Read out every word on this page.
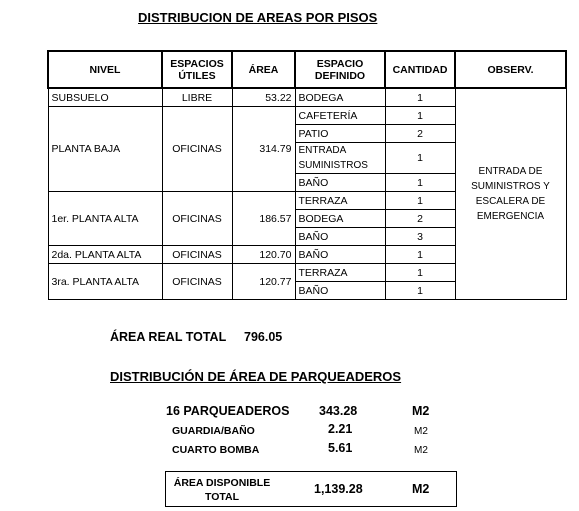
DISTRIBUCION DE AREAS POR PISOS
NIVEL	ESPACIOS ÚTILES	ÁREA	ESPACIO DEFINIDO	CANTIDAD	OBSERV.
SUBSUELO	LIBRE	53.22	BODEGA	1	ENTRADA DE SUMINISTROS Y ESCALERA DE EMERGENCIA
PLANTA BAJA	OFICINAS	314.79	CAFETERÍA	1	
			PATIO	2	
			ENTRADA SUMINISTROS	1	
			BAÑO	1	
1er. PLANTA ALTA	OFICINAS	186.57	TERRAZA	1	
			BODEGA	2	
			BAÑO	3	
2da. PLANTA ALTA	OFICINAS	120.70	BAÑO	1	
3ra. PLANTA ALTA	OFICINAS	120.77	TERRAZA	1	
			BAÑO	1	
ÁREA REAL TOTAL 796.05
DISTRIBUCIÓN DE ÁREA DE PARQUEADEROS
16 PARQUEADEROS 343.28	M2
GUARDIA/BAÑO	2.21	M2
CUARTO BOMBA	5.61	M2
ÁREA DISPONIBLE TOTAL
1,139.28	M2
